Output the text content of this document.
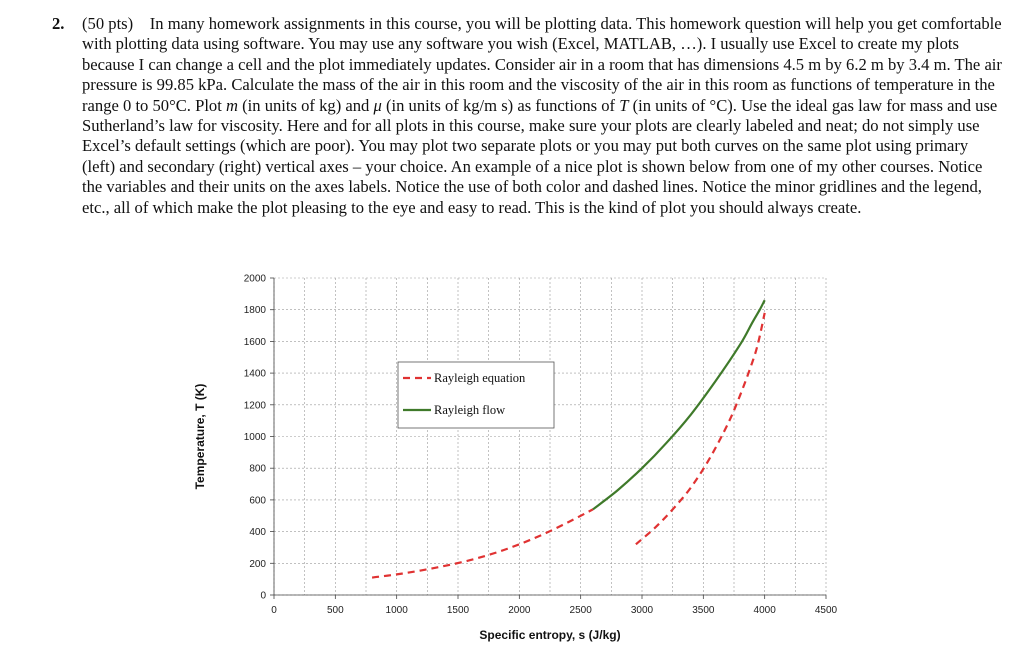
2. (50 pts) In many homework assignments in this course, you will be plotting data. This homework question will help you get comfortable with plotting data using software. You may use any software you wish (Excel, MATLAB, …). I usually use Excel to create my plots because I can change a cell and the plot immediately updates. Consider air in a room that has dimensions 4.5 m by 6.2 m by 3.4 m. The air pressure is 99.85 kPa. Calculate the mass of the air in this room and the viscosity of the air in this room as functions of temperature in the range 0 to 50°C. Plot m (in units of kg) and μ (in units of kg/m s) as functions of T (in units of °C). Use the ideal gas law for mass and use Sutherland’s law for viscosity. Here and for all plots in this course, make sure your plots are clearly labeled and neat; do not simply use Excel’s default settings (which are poor). You may plot two separate plots or you may put both curves on the same plot using primary (left) and secondary (right) vertical axes – your choice. An example of a nice plot is shown below from one of my other courses. Notice the variables and their units on the axes labels. Notice the use of both color and dashed lines. Notice the minor gridlines and the legend, etc., all of which make the plot pleasing to the eye and easy to read. This is the kind of plot you should always create.
0	500	1000	1500	2000	2500	3000	3500	4000	4500
0
200
400
600
800
1000
1200
1400
1600
1800
2000
Temperature, T (K)
Specific entropy, s (J/kg)
Rayleigh equation
Rayleigh flow
